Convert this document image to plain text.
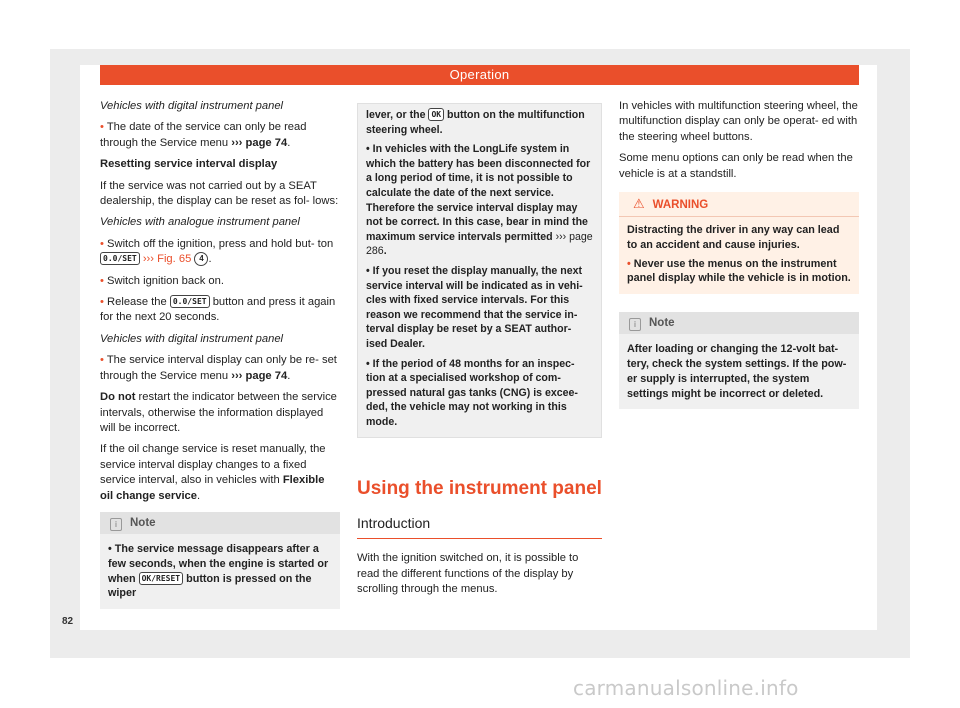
Operation

Vehicles with digital instrument panel

• The date of the service can only be read through the Service menu ››› page 74.

Resetting service interval display

If the service was not carried out by a SEAT dealership, the display can be reset as fol- lows:

Vehicles with analogue instrument panel

• Switch off the ignition, press and hold but- ton 0.0/SET ››› Fig. 65 4 .

• Switch ignition back on.

• Release the 0.0/SET button and press it again for the next 20 seconds.

Vehicles with digital instrument panel

• The service interval display can only be re- set through the Service menu ››› page 74.

Do not restart the indicator between the service intervals, otherwise the information displayed will be incorrect.

If the oil change service is reset manually, the service interval display changes to a fixed service interval, also in vehicles with Flexible oil change service.

i Note
• The service message disappears after a few seconds, when the engine is started or when OK/RESET button is pressed on the wiper

lever, or the OK button on the multifunction steering wheel.

• In vehicles with the LongLife system in which the battery has been disconnected for a long period of time, it is not possible to calculate the date of the next service. Therefore the service interval display may not be correct. In this case, bear in mind the maximum service intervals permitted ››› page 286.

• If you reset the display manually, the next service interval will be indicated as in vehi- cles with fixed service intervals. For this reason we recommend that the service in- terval display be reset by a SEAT author- ised Dealer.

• If the period of 48 months for an inspec- tion at a specialised workshop of com- pressed natural gas tanks (CNG) is excee- ded, the vehicle may not working in this mode.

Using the instrument panel
Introduction

With the ignition switched on, it is possible to read the different functions of the display by scrolling through the menus.

In vehicles with multifunction steering wheel, the multifunction display can only be operat- ed with the steering wheel buttons.

Some menu options can only be read when the vehicle is at a standstill.

⚠ WARNING

Distracting the driver in any way can lead to an accident and cause injuries.

• Never use the menus on the instrument panel display while the vehicle is in motion.

i Note
After loading or changing the 12-volt bat- tery, check the system settings. If the pow- er supply is interrupted, the system settings might be incorrect or deleted.
82
carmanualsonline.info
